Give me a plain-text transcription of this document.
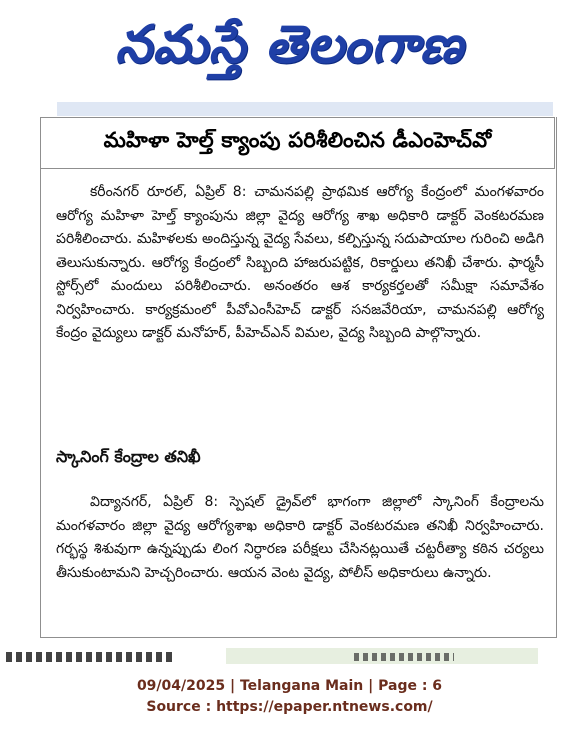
నమస్తే తెలంగాణ
మహిళా హెల్త్ క్యాంపు పరిశీలించిన డీఎంహెచ్‌వో

కరీంనగర్ రూరల్, ఏప్రిల్ 8: చామనపల్లి ప్రాథమిక ఆరోగ్య కేంద్రంలో మంగళవారం ఆరోగ్య మహిళా హెల్త్ క్యాంపును జిల్లా వైద్య ఆరోగ్య శాఖ అధికారి డాక్టర్ వెంకటరమణ పరిశీలించారు. మహిళలకు అందిస్తున్న వైద్య సేవలు, కల్పిస్తున్న సదుపాయాల గురించి అడిగి తెలుసుకున్నారు. ఆరోగ్య కేంద్రంలో సిబ్బంది హాజరుపట్టిక, రికార్డులు తనిఖీ చేశారు. ఫార్మసీ స్టోర్స్‌లో మందులు పరిశీలించారు. అనంతరం ఆశ కార్యకర్తలతో సమీక్షా సమావేశం నిర్వహించారు. కార్యక్రమంలో పీవోఎంసీహెచ్ డాక్టర్ సనజవేరియా, చామనపల్లి ఆరోగ్య కేంద్రం వైద్యులు డాక్టర్ మనోహర్, పీహెచ్ఎన్ విమల, వైద్య సిబ్బంది పాల్గొన్నారు.

స్కానింగ్ కేంద్రాల తనిఖీ

విద్యానగర్, ఏప్రిల్ 8: స్పెషల్ డ్రైవ్‌లో భాగంగా జిల్లాలో స్కానింగ్ కేంద్రాలను మంగళవారం జిల్లా వైద్య ఆరోగ్యశాఖ అధికారి డాక్టర్ వెంకటరమణ తనిఖీ నిర్వహించారు. గర్భస్థ శిశువుగా ఉన్నప్పుడు లింగ నిర్ధారణ పరీక్షలు చేసినట్లయితే చట్టరీత్యా కఠిన చర్యలు తీసుకుంటామని హెచ్చరించారు. ఆయన వెంట వైద్య, పోలీస్ అధికారులు ఉన్నారు.

09/04/2025 | Telangana Main | Page : 6
Source : https://epaper.ntnews.com/
